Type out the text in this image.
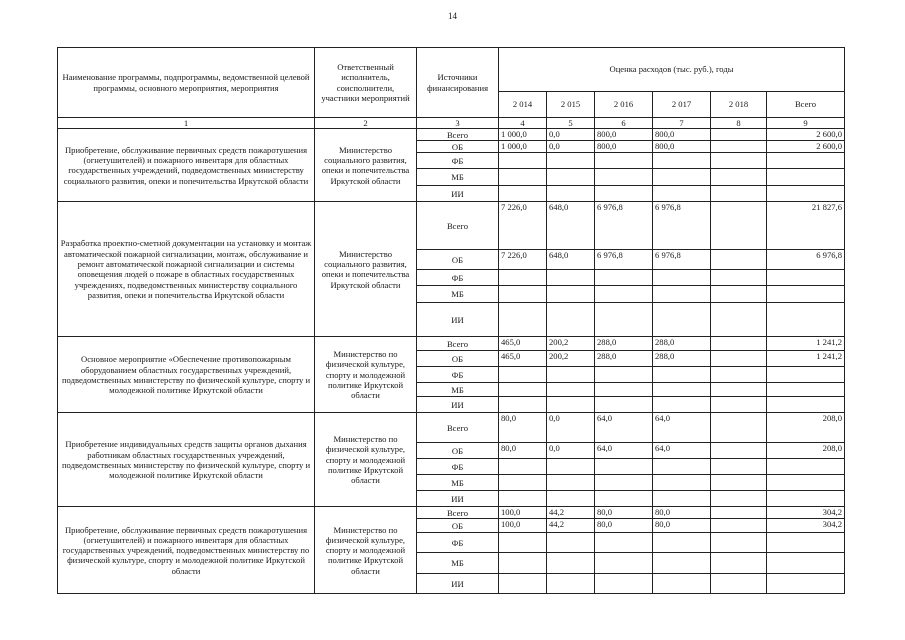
14
Наименование программы, подпрограммы, ведомственной целевой программы, основного мероприятия, мероприятия	Ответственный исполнитель, соисполнители, участники мероприятий	Источники финансирования	Оценка расходов (тыс. руб.), годы					
			2 014	2 015	2 016	2 017	2 018	Всего
1	2	3	4	5	6	7	8	9
Приобретение, обслуживание первичных средств пожаротушения (огнетушителей) и пожарного инвентаря для областных государственных учреждений, подведомственных министерству социального развития, опеки и попечительства Иркутской области	Министерство социального развития, опеки и попечительства Иркутской области	Всего	1 000,0	0,0	800,0	800,0		2 600,0
		ОБ	1 000,0	0,0	800,0	800,0		2 600,0
		ФБ						
		МБ						
		ИИ						
Разработка проектно-сметной документации на установку и монтаж автоматической пожарной сигнализации, монтаж, обслуживание и ремонт автоматической пожарной сигнализации и системы оповещения людей о пожаре в областных государственных учреждениях, подведомственных министерству социального развития, опеки и попечительства Иркутской области	Министерство социального развития, опеки и попечительства Иркутской области	Всего	7 226,0	648,0	6 976,8	6 976,8		21 827,6
		ОБ	7 226,0	648,0	6 976,8	6 976,8		6 976,8
		ФБ						
		МБ						
		ИИ						
Основное мероприятие «Обеспечение противопожарным оборудованием областных государственных учреждений, подведомственных министерству по физической культуре, спорту и молодежной политике Иркутской области	Министерство по физической культуре, спорту и молодежной политике Иркутской области	Всего	465,0	200,2	288,0	288,0		1 241,2
		ОБ	465,0	200,2	288,0	288,0		1 241,2
		ФБ						
		МБ						
		ИИ						
Приобретение индивидуальных средств защиты органов дыхания работникам областных государственных учреждений, подведомственных министерству по физической культуре, спорту и молодежной политике Иркутской области	Министерство по физической культуре, спорту и молодежной политике Иркутской области	Всего	80,0	0,0	64,0	64,0		208,0
		ОБ	80,0	0,0	64,0	64,0		208,0
		ФБ						
		МБ						
		ИИ						
Приобретение, обслуживание первичных средств пожаротушения (огнетушителей) и пожарного инвентаря для областных государственных учреждений, подведомственных министерству по физической культуре, спорту и молодежной политике Иркутской области	Министерство по физической культуре, спорту и молодежной политике Иркутской области	Всего	100,0	44,2	80,0	80,0		304,2
		ОБ	100,0	44,2	80,0	80,0		304,2
		ФБ						
		МБ						
		ИИ						
